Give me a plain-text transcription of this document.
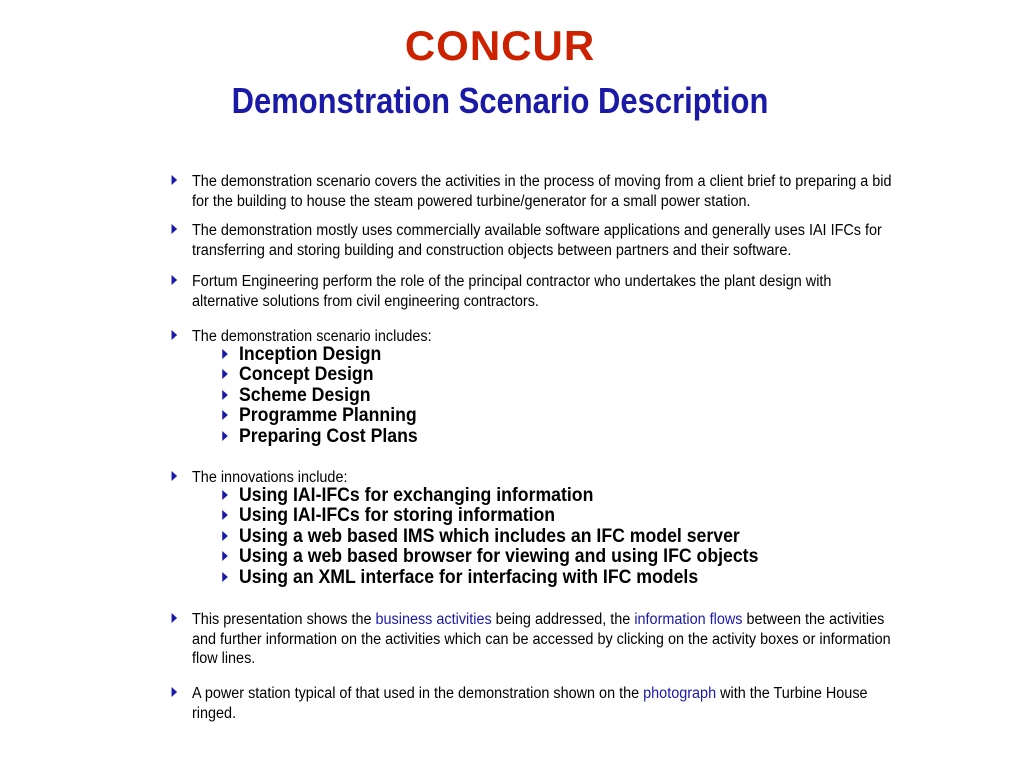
CONCUR
Demonstration Scenario Description
The demonstration scenario covers the activities in the process of moving from a client brief to preparing a bid for the building to house the steam powered turbine/generator for a small power station.
The demonstration mostly uses commercially available software applications and generally uses IAI IFCs for transferring and storing building and construction objects between partners and their software.
Fortum Engineering perform the role of the principal contractor who undertakes the plant design with alternative solutions from civil engineering contractors.
The demonstration scenario includes:
Inception Design
Concept Design
Scheme Design
Programme Planning
Preparing Cost Plans
The innovations include:
Using IAI-IFCs for exchanging information
Using IAI-IFCs for storing information
Using a web based IMS which includes an IFC model server
Using a web based browser for viewing and using IFC objects
Using an XML interface for interfacing with IFC models
This presentation shows the business activities being addressed, the information flows between the activities and further information on the activities which can be accessed by clicking on the activity boxes or information flow lines.
A power station typical of that used in the demonstration shown on the photograph with the Turbine House ringed.
